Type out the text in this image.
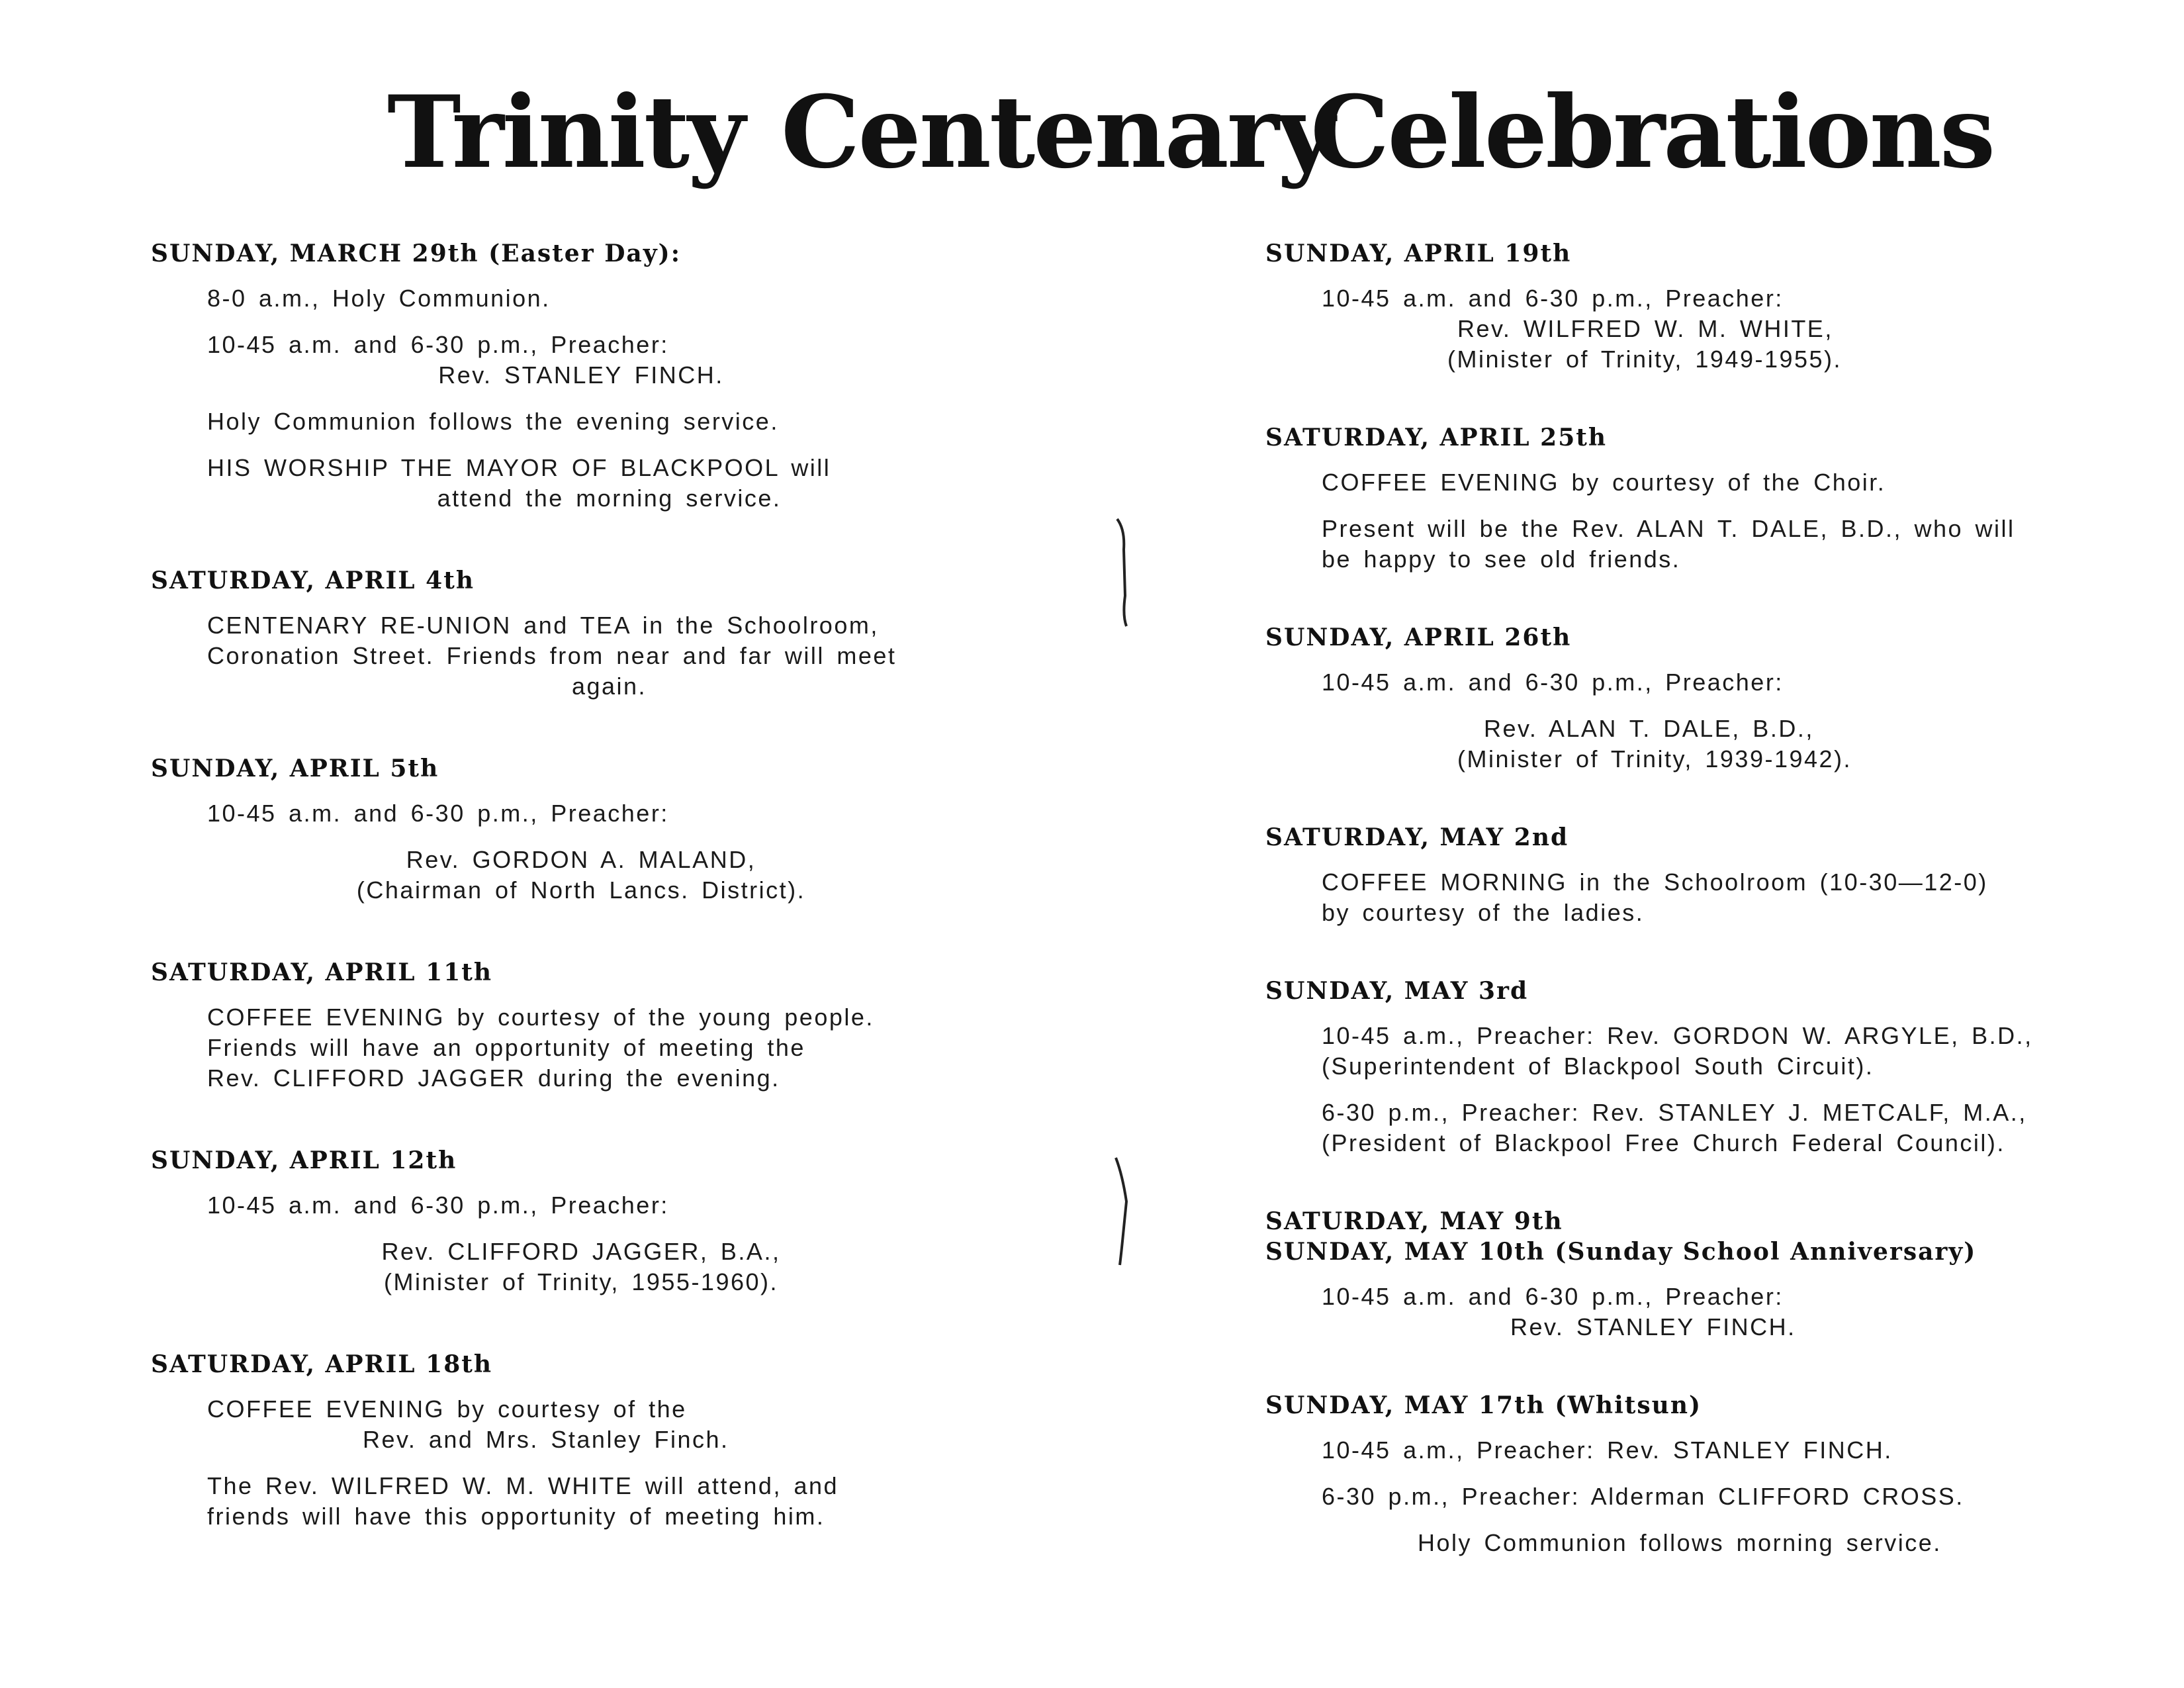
Trinity Centenary
Celebrations
SUNDAY, MARCH 29th (Easter Day):
8-0 a.m., Holy Communion.
10-45 a.m. and 6-30 p.m., Preacher:
Rev. STANLEY FINCH.
Holy Communion follows the evening service.
HIS WORSHIP THE MAYOR OF BLACKPOOL will
attend the morning service.
SATURDAY, APRIL 4th
CENTENARY RE-UNION and TEA in the Schoolroom,
Coronation Street. Friends from near and far will meet
again.
SUNDAY, APRIL 5th
10-45 a.m. and 6-30 p.m., Preacher:
Rev. GORDON A. MALAND,
(Chairman of North Lancs. District).
SATURDAY, APRIL 11th
COFFEE EVENING by courtesy of the young people.
Friends will have an opportunity of meeting the
Rev. CLIFFORD JAGGER during the evening.
SUNDAY, APRIL 12th
10-45 a.m. and 6-30 p.m., Preacher:
Rev. CLIFFORD JAGGER, B.A.,
(Minister of Trinity, 1955-1960).
SATURDAY, APRIL 18th
COFFEE EVENING by courtesy of the
Rev. and Mrs. Stanley Finch.
The Rev. WILFRED W. M. WHITE will attend, and
friends will have this opportunity of meeting him.
SUNDAY, APRIL 19th
10-45 a.m. and 6-30 p.m., Preacher:
Rev. WILFRED W. M. WHITE,
(Minister of Trinity, 1949-1955).
SATURDAY, APRIL 25th
COFFEE EVENING by courtesy of the Choir.
Present will be the Rev. ALAN T. DALE, B.D., who will
be happy to see old friends.
SUNDAY, APRIL 26th
10-45 a.m. and 6-30 p.m., Preacher:
Rev. ALAN T. DALE, B.D.,
(Minister of Trinity, 1939-1942).
SATURDAY, MAY 2nd
COFFEE MORNING in the Schoolroom (10-30—12-0)
by courtesy of the ladies.
SUNDAY, MAY 3rd
10-45 a.m., Preacher: Rev. GORDON W. ARGYLE, B.D.,
(Superintendent of Blackpool South Circuit).
6-30 p.m., Preacher: Rev. STANLEY J. METCALF, M.A.,
(President of Blackpool Free Church Federal Council).
SATURDAY, MAY 9th
SUNDAY, MAY 10th (Sunday School Anniversary)
10-45 a.m. and 6-30 p.m., Preacher:
Rev. STANLEY FINCH.
SUNDAY, MAY 17th (Whitsun)
10-45 a.m., Preacher: Rev. STANLEY FINCH.
6-30 p.m., Preacher: Alderman CLIFFORD CROSS.
Holy Communion follows morning service.
